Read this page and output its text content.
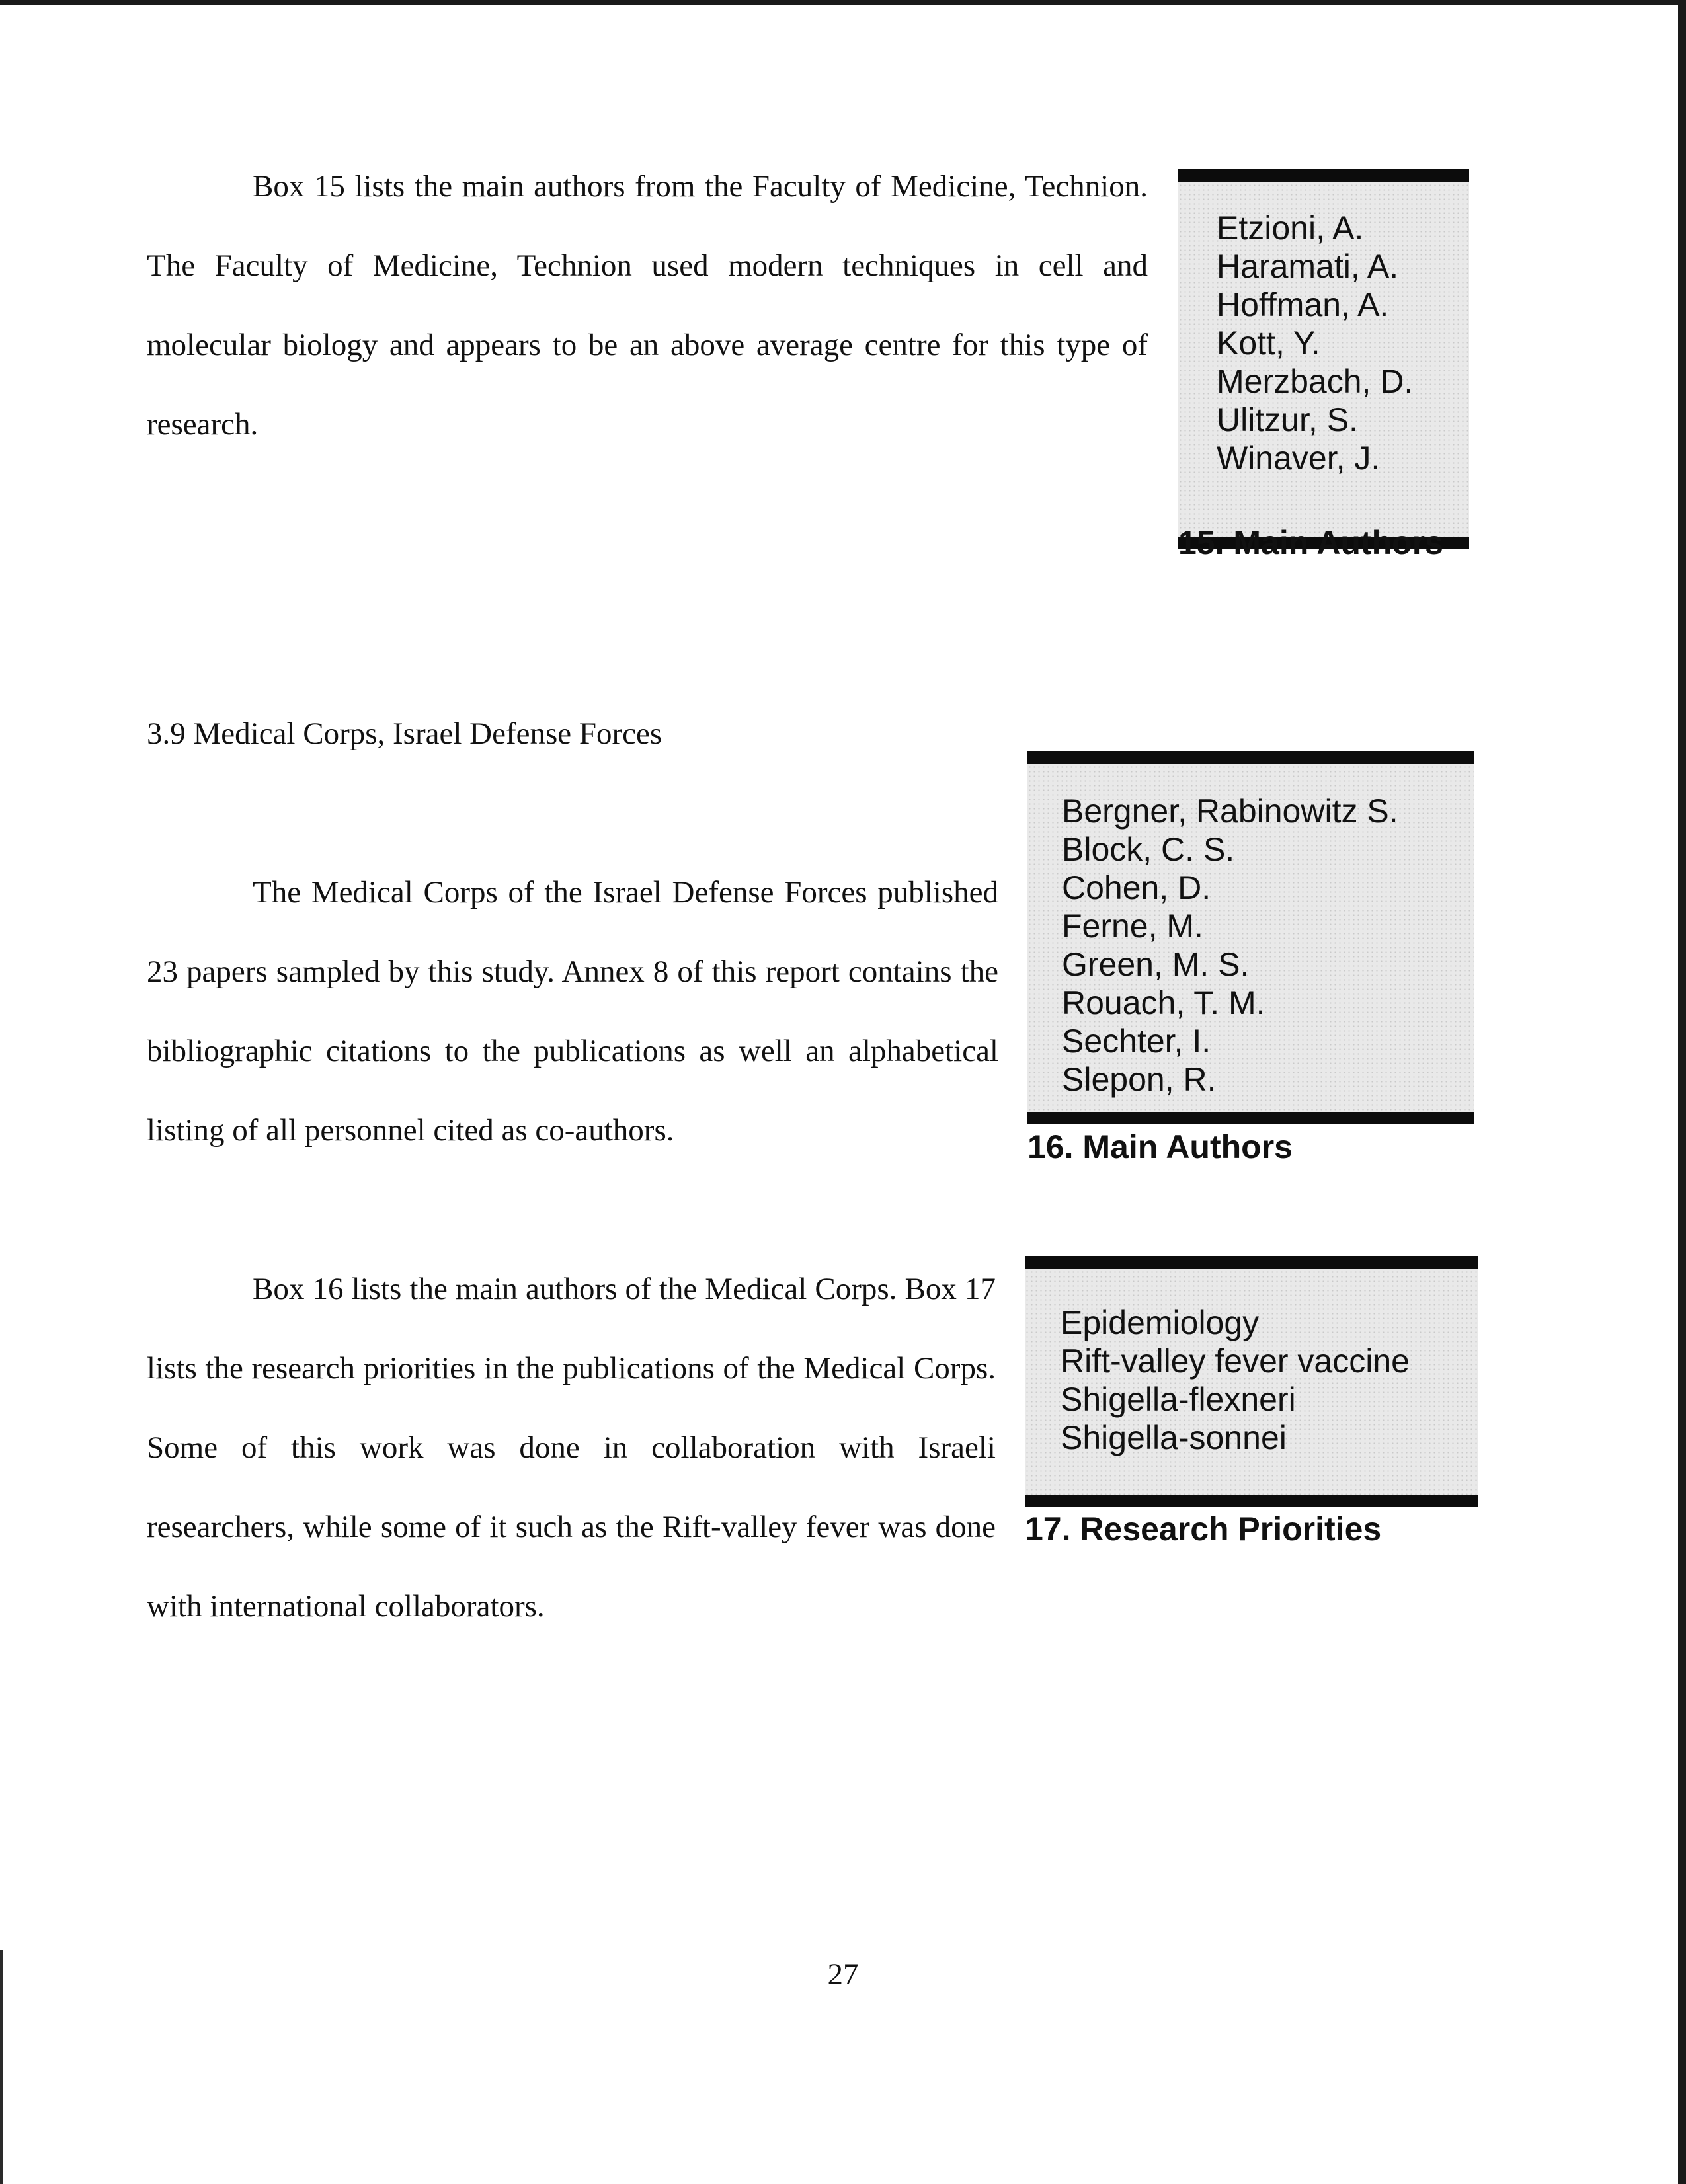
Box 15 lists the main authors from the Faculty of Medicine, Technion. The Faculty of Medicine, Technion used modern techniques in cell and molecular biology and appears to be an above average centre for this type of research.

Etzioni, A.
Haramati, A.
Hoffman, A.
Kott, Y.
Merzbach, D.
Ulitzur, S.
Winaver, J.

15. Main Authors

3.9 Medical Corps, Israel Defense Forces

The Medical Corps of the Israel Defense Forces published 23 papers sampled by this study. Annex 8 of this report contains the bibliographic citations to the publications as well an alphabetical listing of all personnel cited as co-authors.

Bergner, Rabinowitz S.
Block, C. S.
Cohen, D.
Ferne, M.
Green, M. S.
Rouach, T. M.
Sechter, I.
Slepon, R.

16. Main Authors

Box 16 lists the main authors of the Medical Corps. Box 17 lists the research priorities in the publications of the Medical Corps. Some of this work was done in collaboration with Israeli researchers, while some of it such as the Rift-valley fever was done with international collaborators.

Epidemiology
Rift-valley fever vaccine
Shigella-flexneri
Shigella-sonnei

17. Research Priorities

27
